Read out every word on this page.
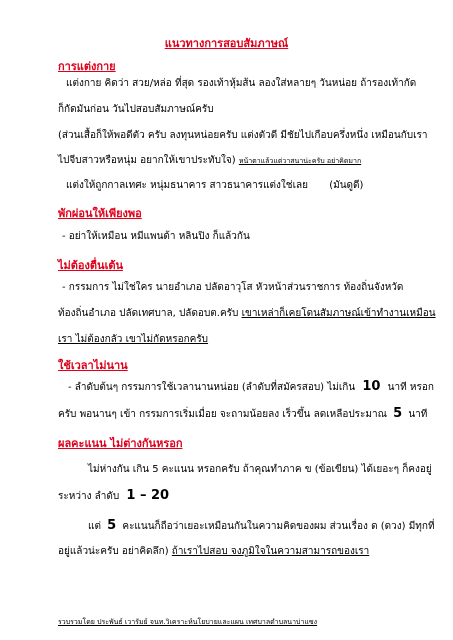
แนวทางการสอบสัมภาษณ์
การแต่งกาย
แต่งกาย คิดว่า สวย/หล่อ ที่สุด รองเท้าหุ้มส้น ลองใส่หลายๆ วันหน่อย ถ้ารองเท้ากัด
ก็กัดมันก่อน วันไปสอบสัมภาษณ์ครับ
(ส่วนเสื้อก็ให้พอดีตัว ครับ ลงทุนหน่อยครับ แต่งตัวดี มีชัยไปเกือบครึ่งหนึ่ง เหมือนกับเรา
ไปจีบสาวหรือหนุ่ม อยากให้เขาประทับใจ) หน้าตาแล้วแต่วาสนาน่ะครับ อย่าคิดมาก
แต่งให้ถูกกาลเทศะ หนุ่มธนาคาร สาวธนาคารแต่งใช่เลย (มันดูดี)
พักผ่อนให้เพียงพอ
- อย่าให้เหมือน หมีแพนด้า หลินปิง ก็แล้วกัน
ไม่ต้องตื่นเต้น
- กรรมการ ไม่ใช่ใคร นายอำเภอ ปลัดอาวุโส หัวหน้าส่วนราชการ ท้องถิ่นจังหวัด
ท้องถิ่นอำเภอ ปลัดเทศบาล, ปลัดอบต.ครับ เขาเหล่าก็เคยโดนสัมภาษณ์เข้าทำงานเหมือน
เรา ไม่ต้องกลัว เขาไม่กัดหรอกครับ
ใช้เวลาไม่นาน
- ลำดับต้นๆ กรรมการใช้เวลานานหน่อย (ลำดับที่สมัครสอบ) ไม่เกิน 10 นาที หรอก
ครับ พอนานๆ เข้า กรรมการเริ่มเมื่อย จะถามน้อยลง เร็วขึ้น ลดเหลือประมาณ 5 นาที
ผลคะแนน ไม่ต่างกันหรอก
ไม่ห่างกัน เกิน 5 คะแนน หรอกครับ ถ้าคุณทำภาค ข (ข้อเขียน) ได้เยอะๆ ก็คงอยู่
ระหว่าง ลำดับ 1 – 20
แต่ 5 คะแนนก็ถือว่าเยอะเหมือนกันในความคิดของผม ส่วนเรื่อง ด (ดวง) มีทุกที่
อยู่แล้วน่ะครับ อย่าคิดลึก) ถ้าเราไปสอบ จงภูมิใจในความสามารถของเรา
รวบรวมโดย ประพันธ์ เวารัมย์ จนท.วิเคราะห์นโยบายและแผน เทศบาลตำบลนาบ่าแซง
